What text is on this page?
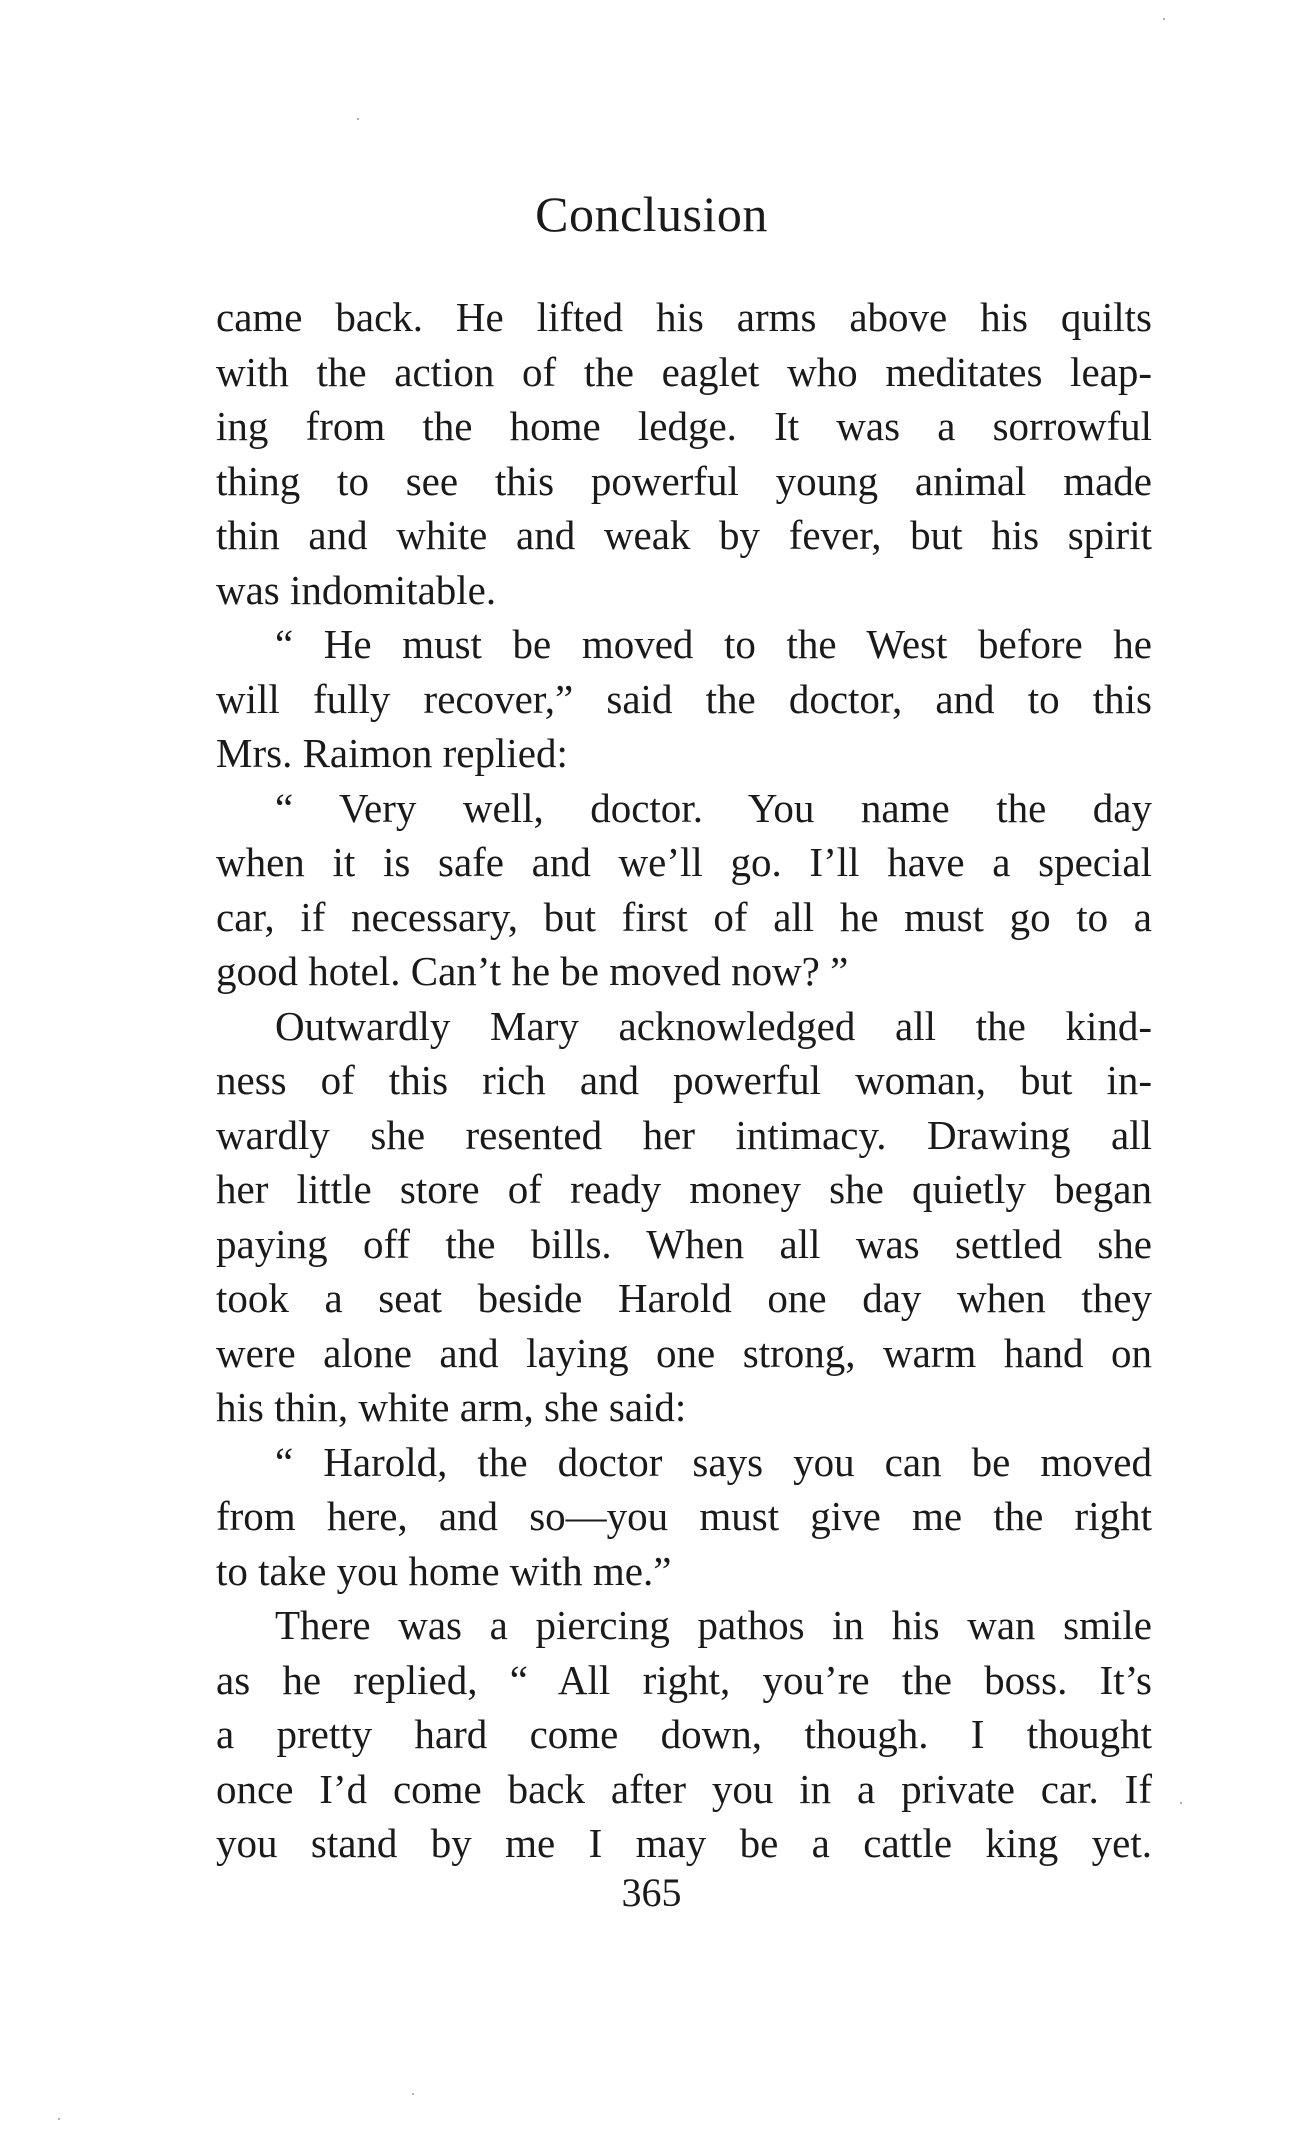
Conclusion
came back. He lifted his arms above his quilts
with the action of the eaglet who meditates leap-
ing from the home ledge. It was a sorrowful
thing to see this powerful young animal made
thin and white and weak by fever, but his spirit
was indomitable.
“ He must be moved to the West before he
will fully recover,” said the doctor, and to this
Mrs. Raimon replied:
“ Very well, doctor. You name the day
when it is safe and we’ll go. I’ll have a special
car, if necessary, but first of all he must go to a
good hotel. Can’t he be moved now? ”
Outwardly Mary acknowledged all the kind-
ness of this rich and powerful woman, but in-
wardly she resented her intimacy. Drawing all
her little store of ready money she quietly began
paying off the bills. When all was settled she
took a seat beside Harold one day when they
were alone and laying one strong, warm hand on
his thin, white arm, she said:
“ Harold, the doctor says you can be moved
from here, and so—you must give me the right
to take you home with me.”
There was a piercing pathos in his wan smile
as he replied, “ All right, you’re the boss. It’s
a pretty hard come down, though. I thought
once I’d come back after you in a private car. If
you stand by me I may be a cattle king yet.
365
